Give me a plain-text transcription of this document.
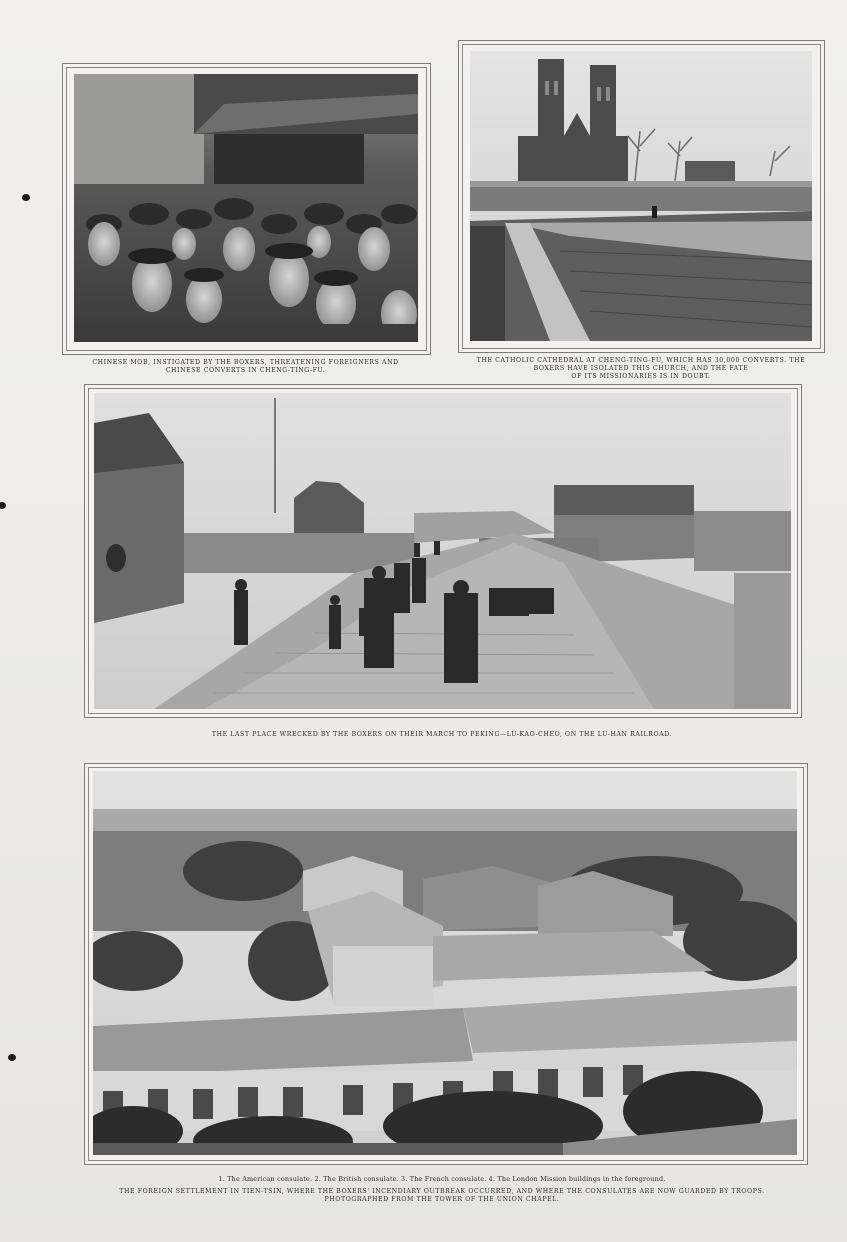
CHINESE MOB, INSTIGATED BY THE BOXERS, THREATENING FOREIGNERS AND
CHINESE CONVERTS IN CHENG-TING-FU.
THE CATHOLIC CATHEDRAL AT CHENG-TING-FU, WHICH HAS 30,000 CONVERTS. THE
BOXERS HAVE ISOLATED THIS CHURCH, AND THE FATE
OF ITS MISSIONARIES IS IN DOUBT.
THE LAST PLACE WRECKED BY THE BOXERS ON THEIR MARCH TO PEKING—LU-KAO-CHEO, ON THE LU-HAN RAILROAD.
1. The American consulate. 2. The British consulate. 3. The French consulate. 4. The London Mission buildings in the foreground.
THE FOREIGN SETTLEMENT IN TIEN-TSIN, WHERE THE BOXERS' INCENDIARY OUTBREAK OCCURRED, AND WHERE THE CONSULATES ARE NOW GUARDED BY TROOPS.
PHOTOGRAPHED FROM THE TOWER OF THE UNION CHAPEL.
